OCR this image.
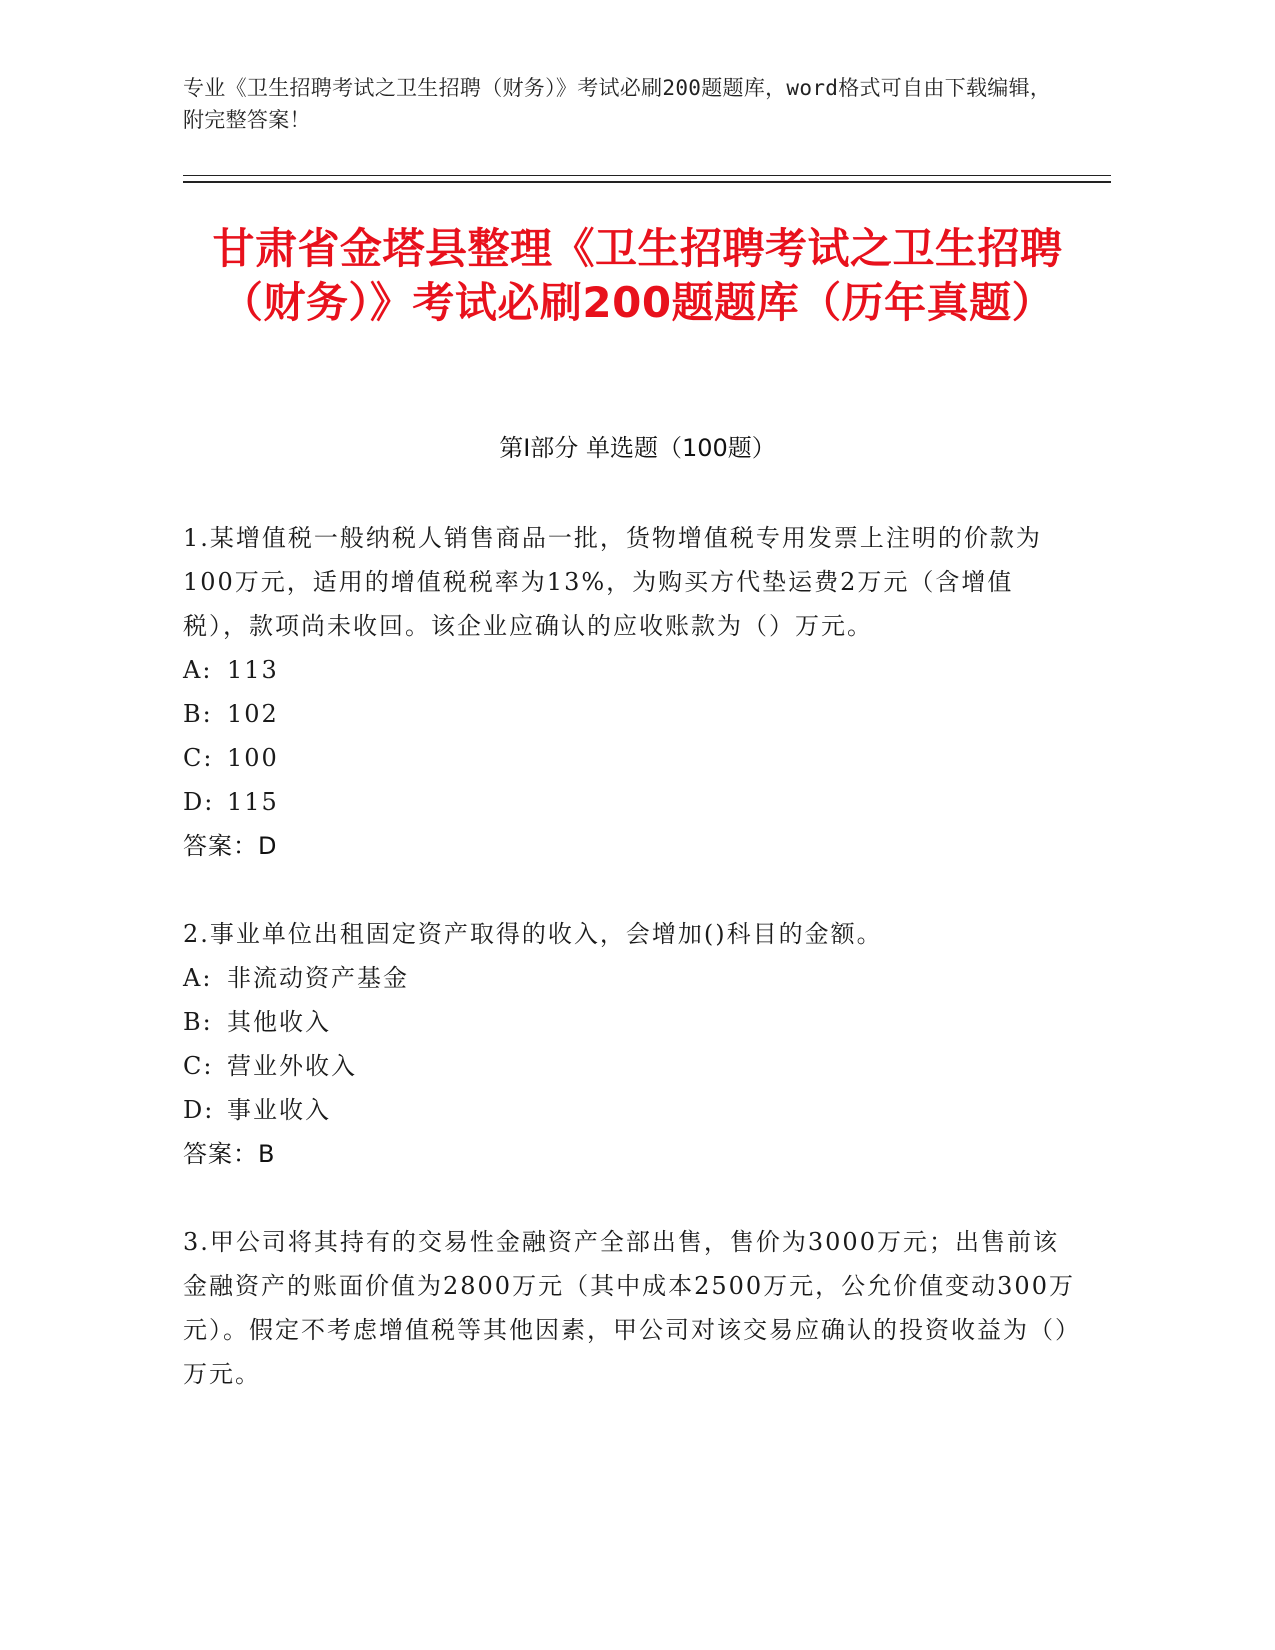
专业《卫生招聘考试之卫生招聘（财务）》考试必刷200题题库，word格式可自由下载编辑，附完整答案！
甘肃省金塔县整理《卫生招聘考试之卫生招聘（财务）》考试必刷200题题库（历年真题）
第Ⅰ部分 单选题（100题）

1.某增值税一般纳税人销售商品一批，货物增值税专用发票上注明的价款为100万元，适用的增值税税率为13%，为购买方代垫运费2万元（含增值税），款项尚未收回。该企业应确认的应收账款为（）万元。

A: 113
B: 102
C: 100
D: 115
答案：D

2.事业单位出租固定资产取得的收入，会增加()科目的金额。

A: 非流动资产基金
B: 其他收入
C: 营业外收入
D: 事业收入
答案：B

3.甲公司将其持有的交易性金融资产全部出售，售价为3000万元；出售前该金融资产的账面价值为2800万元（其中成本2500万元，公允价值变动300万元）。假定不考虑增值税等其他因素，甲公司对该交易应确认的投资收益为（）万元。
